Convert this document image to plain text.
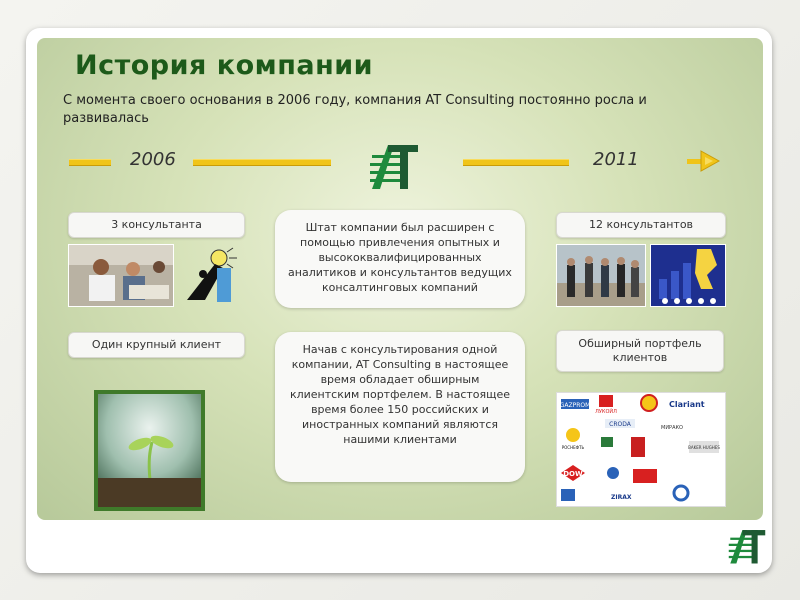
История компании
С момента своего основания в 2006 году, компания AT Consulting постоянно росла и развивалась
2006	2011
3 консультанта
Один крупный клиент
Штат компании был расширен с помощью привлечения опытных и высококвалифицированных аналитиков и консультантов ведущих консалтинговых компаний
Начав с консультирования одной компании, AT Consulting в настоящее время обладает обширным клиентским портфелем. В настоящее время более 150 российских и иностранных компаний являются нашими клиентами
12 консультантов
Обширный портфель клиентов
GAZPROM
ЛУКОЙЛ
Clariant
CRODA	МИРАКО
РОСНЕФТЬ	BAKER HUGHES
DOW
ZIRAX
